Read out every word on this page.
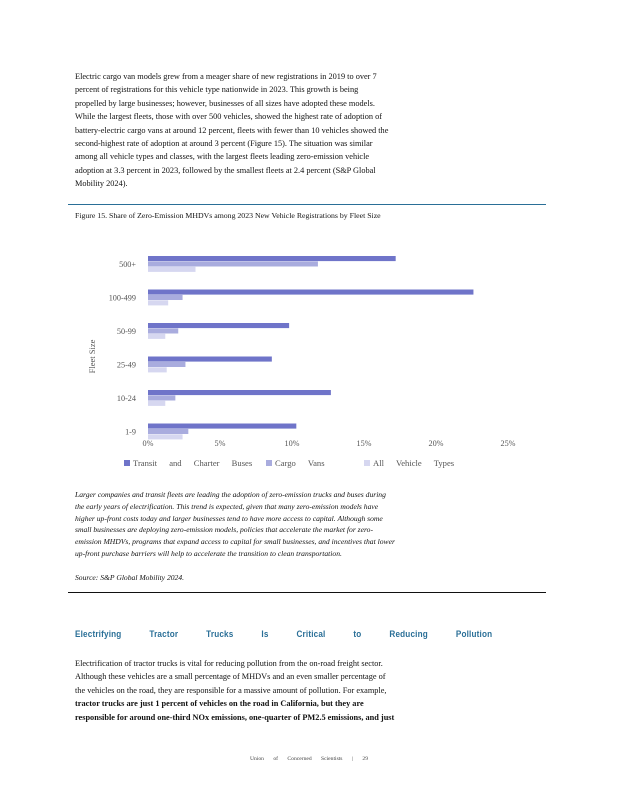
Electric cargo van models grew from a meager share of new registrations in 2019 to over 7
percent of registrations for this vehicle type nationwide in 2023. This growth is being
propelled by large businesses; however, businesses of all sizes have adopted these models.
While the largest fleets, those with over 500 vehicles, showed the highest rate of adoption of
battery-electric cargo vans at around 12 percent, fleets with fewer than 10 vehicles showed the
second-highest rate of adoption at around 3 percent (Figure 15). The situation was similar
among all vehicle types and classes, with the largest fleets leading zero-emission vehicle
adoption at 3.3 percent in 2023, followed by the smallest fleets at 2.4 percent (S&P Global
Mobility 2024).
Figure 15. Share of Zero-Emission MHDVs among 2023 New Vehicle Registrations by Fleet Size
500+
100-499
50-99
25-49
10-24
1-9
0%	5%	10%	15%	20%	25%
Fleet Size
Transit and Charter Buses	Cargo Vans	All Vehicle Types
Larger companies and transit fleets are leading the adoption of zero-emission trucks and buses during
the early years of electrification. This trend is expected, given that many zero-emission models have
higher up-front costs today and larger businesses tend to have more access to capital. Although some
small businesses are deploying zero-emission models, policies that accelerate the market for zero-
emission MHDVs, programs that expand access to capital for small businesses, and incentives that lower
up-front purchase barriers will help to accelerate the transition to clean transportation.
Source: S&P Global Mobility 2024.
Electrifying Tractor Trucks Is Critical to Reducing Pollution
Electrification of tractor trucks is vital for reducing pollution from the on-road freight sector.
Although these vehicles are a small percentage of MHDVs and an even smaller percentage of
the vehicles on the road, they are responsible for a massive amount of pollution. For example,
tractor trucks are just 1 percent of vehicles on the road in California, but they are
responsible for around one-third NOx emissions, one-quarter of PM2.5 emissions, and just
Union of Concerned Scientists | 29
